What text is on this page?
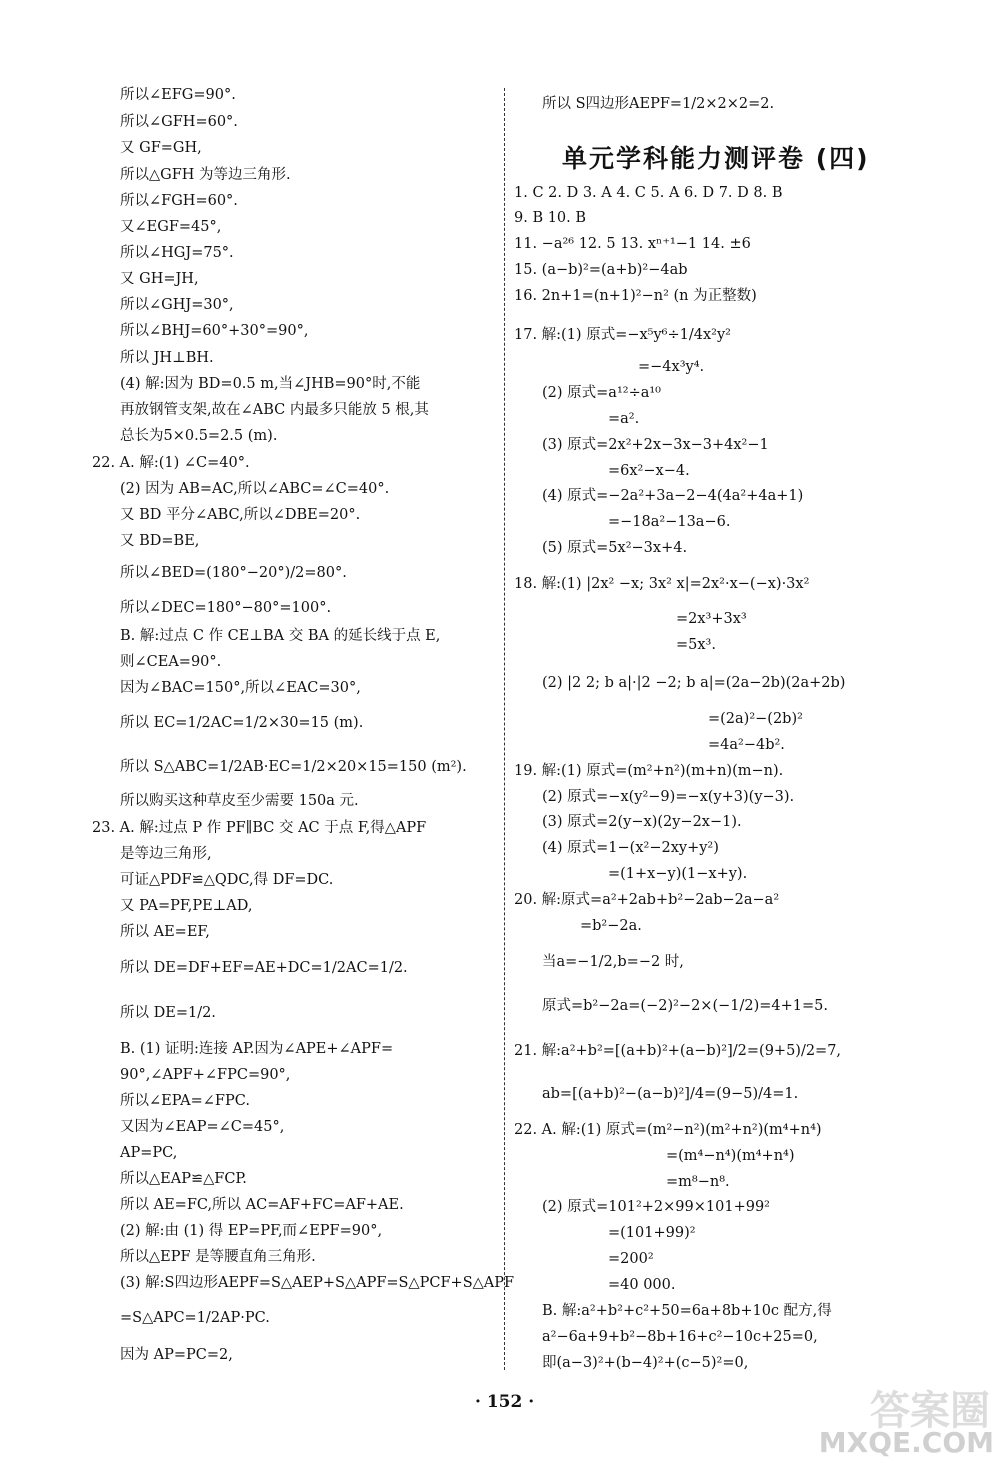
所以∠EFG=90°.
所以∠GFH=60°.
又 GF=GH,
所以△GFH 为等边三角形.
所以∠FGH=60°.
又∠EGF=45°,
所以∠HGJ=75°.
又 GH=JH,
所以∠GHJ=30°,
所以∠BHJ=60°+30°=90°,
所以 JH⊥BH.
(4) 解:因为 BD=0.5 m,当∠JHB=90°时,不能
再放钢管支架,故在∠ABC 内最多只能放 5 根,其
总长为5×0.5=2.5 (m).
22. A. 解:(1) ∠C=40°.
(2) 因为 AB=AC,所以∠ABC=∠C=40°.
又 BD 平分∠ABC,所以∠DBE=20°.
又 BD=BE,
所以∠BED=(180°−20°)/2=80°.
所以∠DEC=180°−80°=100°.
B. 解:过点 C 作 CE⊥BA 交 BA 的延长线于点 E,
则∠CEA=90°.
因为∠BAC=150°,所以∠EAC=30°,
所以 EC=1/2AC=1/2×30=15 (m).
所以 S△ABC=1/2AB·EC=1/2×20×15=150 (m²).
所以购买这种草皮至少需要 150a 元.
23. A. 解:过点 P 作 PF∥BC 交 AC 于点 F,得△APF
是等边三角形,
可证△PDF≌△QDC,得 DF=DC.
又 PA=PF,PE⊥AD,
所以 AE=EF,
所以 DE=DF+EF=AE+DC=1/2AC=1/2.
所以 DE=1/2.
B. (1) 证明:连接 AP.因为∠APE+∠APF=
90°,∠APF+∠FPC=90°,
所以∠EPA=∠FPC.
又因为∠EAP=∠C=45°,
AP=PC,
所以△EAP≌△FCP.
所以 AE=FC,所以 AC=AF+FC=AF+AE.
(2) 解:由 (1) 得 EP=PF,而∠EPF=90°,
所以△EPF 是等腰直角三角形.
(3) 解:S四边形AEPF=S△AEP+S△APF=S△PCF+S△APF
=S△APC=1/2AP·PC.
因为 AP=PC=2,
所以 S四边形AEPF=1/2×2×2=2.
单元学科能力测评卷 (四)
1. C 2. D 3. A 4. C 5. A 6. D 7. D 8. B
9. B 10. B
11. −a²⁶ 12. 5 13. xⁿ⁺¹−1 14. ±6
15. (a−b)²=(a+b)²−4ab
16. 2n+1=(n+1)²−n² (n 为正整数)
17. 解:(1) 原式=−x⁵y⁶÷1/4x²y²
=−4x³y⁴.
(2) 原式=a¹²÷a¹⁰
=a².
(3) 原式=2x²+2x−3x−3+4x²−1
=6x²−x−4.
(4) 原式=−2a²+3a−2−4(4a²+4a+1)
=−18a²−13a−6.
(5) 原式=5x²−3x+4.
18. 解:(1) |2x² −x; 3x² x|=2x²·x−(−x)·3x²
=2x³+3x³
=5x³.
(2) |2 2; b a|·|2 −2; b a|=(2a−2b)(2a+2b)
=(2a)²−(2b)²
=4a²−4b².
19. 解:(1) 原式=(m²+n²)(m+n)(m−n).
(2) 原式=−x(y²−9)=−x(y+3)(y−3).
(3) 原式=2(y−x)(2y−2x−1).
(4) 原式=1−(x²−2xy+y²)
=(1+x−y)(1−x+y).
20. 解:原式=a²+2ab+b²−2ab−2a−a²
=b²−2a.
当a=−1/2,b=−2 时,
原式=b²−2a=(−2)²−2×(−1/2)=4+1=5.
21. 解:a²+b²=[(a+b)²+(a−b)²]/2=(9+5)/2=7,
ab=[(a+b)²−(a−b)²]/4=(9−5)/4=1.
22. A. 解:(1) 原式=(m²−n²)(m²+n²)(m⁴+n⁴)
=(m⁴−n⁴)(m⁴+n⁴)
=m⁸−n⁸.
(2) 原式=101²+2×99×101+99²
=(101+99)²
=200²
=40 000.
B. 解:a²+b²+c²+50=6a+8b+10c 配方,得
a²−6a+9+b²−8b+16+c²−10c+25=0,
即(a−3)²+(b−4)²+(c−5)²=0,
· 152 ·	答案圈
MXQE.COM
